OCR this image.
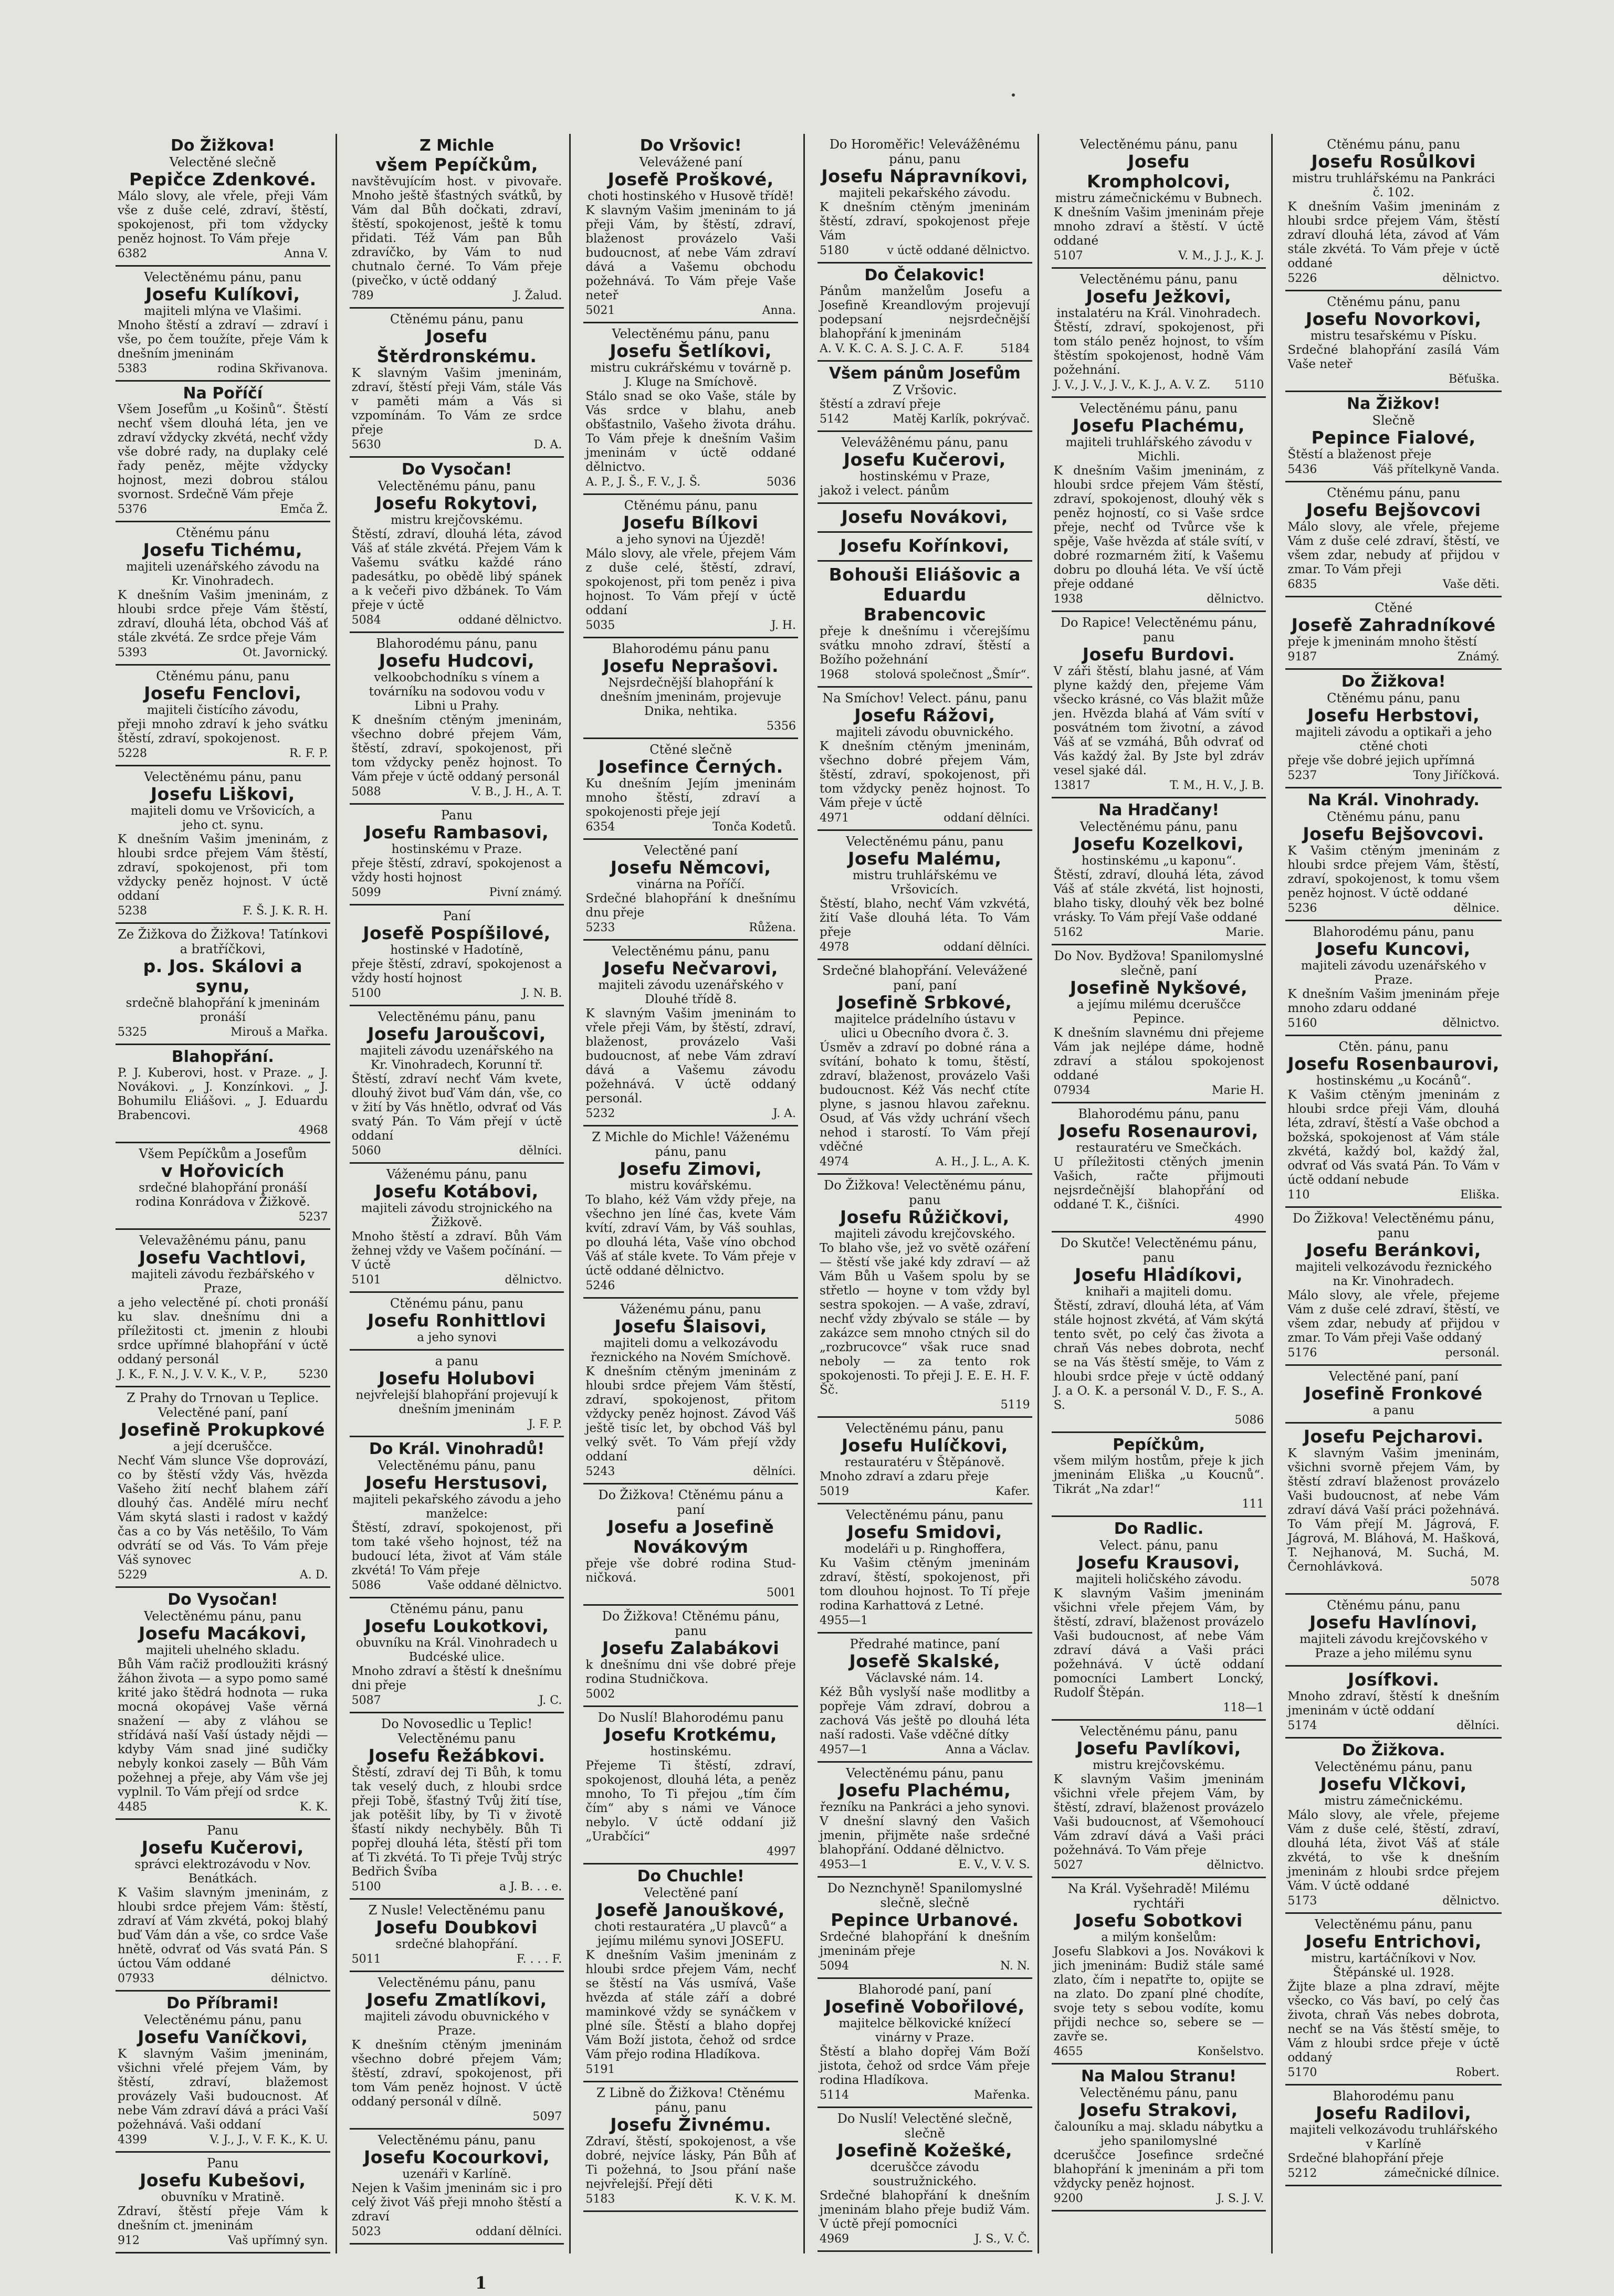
Do Žižkova!
Velectěné slečně
Pepičce Zdenkové.
Málo slovy, ale vřele, přeji Vám vše z duše celé, zdraví, štěstí, spokojenost, při tom vždycky peněz hojnost. To Vám přeje
6382	Anna V.
Velectěnému pánu, panu
Josefu Kulíkovi,
majiteli mlýna ve Vlašimi.
Mnoho štěstí a zdraví — zdraví i vše, po čem toužíte, přeje Vám k dnešním jmeninám
5383	rodina Skřivanova.
Na Poříčí
Všem Josefům „u Košinů“. Štěstí nechť všem dlouhá léta, jen ve zdraví vždycky zkvétá, nechť vždy vše dobré rady, na duplaky celé řady peněz, mějte vždycky hojnost, mezi dobrou stálou svornost. Srdečně Vám přeje
5376	Emča Ž.
Ctěnému pánu
Josefu Tichému,
majiteli uzenářského závodu na Kr. Vinohradech.
K dnešním Vašim jmeninám, z hloubi srdce přeje Vám štěstí, zdraví, dlouhá léta, obchod Váš ať stále zkvétá. Ze srdce přeje Vám
5393	Ot. Javornický.
Ctěnému pánu, panu
Josefu Fenclovi,
majiteli čistícího závodu,
přeji mnoho zdraví k jeho svátku štěstí, zdraví, spokojenost.
5228	R. F. P.
Velectěnému pánu, panu
Josefu Liškovi,
majiteli domu ve Vršovicích, a jeho ct. synu.
K dnešním Vašim jmeninám, z hloubi srdce přejem Vám štěstí, zdraví, spokojenost, při tom vždycky peněz hojnost. V úctě oddaní
5238	F. Š. J. K. R. H.
Ze Žižkova do Žižkova! Tatínkovi a bratříčkovi,
p. Jos. Skálovi a synu,
srdečně blahopřání k jmeninám pronáší
5325	Mirouš a Mařka.
Blahopřání.
P. J. Kuberovi, host. v Praze. „ J. Novákovi. „ J. Konzínkovi. „ J. Bohumilu Eliášovi. „ J. Eduardu Brabencovi.
4968
Všem Pepíčkům a Josefům
v Hořovicích
srdečné blahopřání pronáší rodina Konrádova v Žižkově.
5237
Velevažênému pánu, panu
Josefu Vachtlovi,
majiteli závodu řezbářského v Praze,
a jeho velectěné pí. choti pronáší ku slav. dnešnímu dni a příležitosti ct. jmenin z hloubi srdce upřímné blahopřání v úctě oddaný personál
J. K., F. N., J. V. V. K., V. P.,	5230
Z Prahy do Trnovan u Teplice. Velectěné paní, paní
Josefině Prokupkové
a její dceruščce.
Nechť Vám slunce Vše doprovází, co by štěstí vždy Vás, hvězda Vašeho žití nechť blahem září dlouhý čas. Andělé míru nechť Vám skytá slasti i radost v každý čas a co by Vás netěšilo, To Vám odvrátí se od Vás. To Vám přeje Váš synovec
5229	A. D.
Do Vysočan!
Velectěnému pánu, panu
Josefu Macákovi,
majiteli uhelného skladu.
Bůh Vám račiž prodloužiti krásný žáhon života — a sypo pomo samé krité jako štědrá hodnota — ruka mocná okopávej Vaše věrná snažení — aby z vláhou se střídává naší Vaší ústady nějdi — kdyby Vám snad jiné sudičky nebyly konkoi zasely — Bůh Vám požehnej a přeje, aby Vám vše jej vyplnil. To Vám přejí od srdce
4485	K. K.
Panu
Josefu Kučerovi,
správci elektrozávodu v Nov. Benátkách.
K Vašim slavným jmeninám, z hloubi srdce přejem Vám: štěstí, zdraví ať Vám zkvétá, pokoj blahý buď Vám dán a vše, co srdce Vaše hnětě, odvrať od Vás svatá Pán. S úctou Vám oddané
07933	délnictvo.
Do Příbrami!
Velectěnému pánu, panu
Josefu Vaníčkovi,
K slavným Vašim jmeninám, všichni vřelé přejem Vám, by štěstí, zdraví, blažemost provázely Vaši budoucnost. Ať nebe Vám zdraví dává a práci Vaší požehnává. Vaši oddaní
4399	V. J., J., V. F. K., K. U.
Panu
Josefu Kubešovi,
obuvníku v Mratině.
Zdraví, štěstí přeje Vám k dnešním ct. jmeninám
912	Vaš upřímný syn.
Z Michle
všem Pepíčkům,
navštěvujícím host. v pivovaře. Mnoho ještě šťastných svátků, by Vám dal Bůh dočkati, zdraví, štěstí, spokojenost, ještě k tomu přidati. Též Vám pan Bůh zdravíčko, by Vám to nud chutnalo černé. To Vám přeje (pivečko, v úctě oddaný
789	J. Žalud.
Ctěnému pánu, panu
Josefu Štěrdronskému.
K slavným Vašim jmeninám, zdraví, štěstí přeji Vám, stále Vás v paměti mám a Vás si vzpomínám. To Vám ze srdce přeje
5630	D. A.
Do Vysočan!
Velectěnému pánu, panu
Josefu Rokytovi,
mistru krejčovskému.
Štěstí, zdraví, dlouhá léta, závod Váš ať stále zkvétá. Přejem Vám k Vašemu svátku každé ráno padesátku, po obědě libý spánek a k večeři pivo džbánek. To Vám přeje v úctě
5084	oddané dělnictvo.
Blahorodému pánu, panu
Josefu Hudcovi,
velkoobchodníku s vínem a továrníku na sodovou vodu v Libni u Prahy.
K dnešním ctěným jmeninám, všechno dobré přejem Vám, štěstí, zdraví, spokojenost, při tom vždycky peněz hojnost. To Vám přeje v úctě oddaný personál
5088	V. B., J. H., A. T.
Panu
Josefu Rambasovi,
hostinskému v Praze.
přeje štěstí, zdraví, spokojenost a vždy hosti hojnost
5099	Pivní známý.
Paní
Josefě Pospíšilové,
hostinské v Hadotíně,
přeje štěstí, zdraví, spokojenost a vždy hostí hojnost
5100	J. N. B.
Velectěnému pánu, panu
Josefu Jaroušcovi,
majiteli závodu uzenářského na Kr. Vinohradech, Korunní tř.
Štěstí, zdraví nechť Vám kvete, dlouhý život buď Vám dán, vše, co v žití by Vás hnětlo, odvrať od Vás svatý Pán. To Vám přejí v úctě oddaní
5060	dělníci.
Váženému pánu, panu
Josefu Kotábovi,
majiteli závodu strojnického na Žižkově.
Mnoho štěstí a zdraví. Bůh Vám žehnej vždy ve Vašem počínání. — V úctě
5101	dělnictvo.
Ctěnému pánu, panu
Josefu Ronhittlovi
a jeho synovi
a panu
Josefu Holubovi
nejvřelejší blahopřání projevují k dnešním jmeninám
J. F. P.
Do Král. Vinohradů!
Velectěnému pánu, panu
Josefu Herstusovi,
majiteli pekařského závodu a jeho manželce:
Štěstí, zdraví, spokojenost, při tom také všeho hojnost, též na budoucí léta, život ať Vám stále zkvétá! To Vám přeje
5086	Vaše oddané dělnictvo.
Ctěnému pánu, panu
Josefu Loukotkovi,
obuvníku na Král. Vinohradech u Budcéské ulice.
Mnoho zdraví a štěstí k dnešnímu dni přeje
5087	J. C.
Do Novosedlic u Teplic! Velectěnému panu
Josefu Řežábkovi.
Štěstí, zdraví dej Ti Bůh, k tomu tak veselý duch, z hloubi srdce přeji Tobě, šťastný Tvůj žití tíse, jak potěšit líby, by Ti v životě šťastí nikdy nechyběly. Bůh Ti popřej dlouhá léta, štěstí při tom ať Ti zkvétá. To Ti přeje Tvůj strýc Bedřich Švíba
5100	a J. B. . . e.
Z Nusle! Velectěnému panu
Josefu Doubkovi
srdečné blahopřání.
5011	F. . . . F.
Velectěnému pánu, panu
Josefu Zmatlíkovi,
majiteli závodu obuvnického v Praze.
K dnešním ctěným jmeninám všechno dobré přejem Vám; štěstí, zdraví, spokojenost, při tom Vám peněz hojnost. V úctě oddaný personál v dílně.
5097
Velectěnému pánu, panu
Josefu Kocourkovi,
uzenáři v Karlíně.
Nejen k Vašim jmeninám sic i pro celý život Váš přeji mnoho štěstí a zdraví
5023	oddaní dělníci.
Do Vršovic!
Velevážené paní
Josefě Proškové,
choti hostinského v Husově třídě!
K slavným Vašim jmeninám to já přeji Vám, by štěstí, zdraví, blaženost provázelo Vaši budoucnost, ať nebe Vám zdraví dává a Vašemu obchodu požehnává. To Vám přeje Vaše neteř
5021	Anna.
Velectěnému pánu, panu
Josefu Šetlíkovi,
mistru cukrářskému v továrně p. J. Kluge na Smíchově.
Stálo snad se oko Vaše, stále by Vás srdce v blahu, aneb obšťastnilo, Vašeho života dráhu. To Vám přeje k dnešním Vašim jmeninám v úctě oddané dělnictvo.
A. P., J. Š., F. V., J. Š.	5036
Ctěnému pánu, panu
Josefu Bílkovi
a jeho synovi na Újezdě!
Málo slovy, ale vřele, přejem Vám z duše celé, štěstí, zdraví, spokojenost, při tom peněz i piva hojnost. To Vám přejí v úctě oddaní
5035	J. H.
Blahorodému pánu panu
Josefu Neprašovi.
Nejsrdečnější blahopřání k dnešním jmeninám, projevuje Dnika, nehtika.
5356
Ctěné slečně
Josefince Černých.
Ku dnešním Jejím jmeninám mnoho štěstí, zdraví a spokojenosti přeje její
6354	Tonča Kodetů.
Velectěné paní
Josefu Němcovi,
vinárna na Poříčí.
Srdečné blahopřání k dnešnímu dnu přeje
5233	Růžena.
Velectěnému pánu, panu
Josefu Nečvarovi,
majiteli závodu uzenářského v Dlouhé třídě 8.
K slavným Vašim jmeninám to vřele přeji Vám, by štěstí, zdraví, blaženost, provázelo Vaši budoucnost, ať nebe Vám zdraví dává a Vašemu závodu požehnává. V úctě oddaný personál.
5232	J. A.
Z Michle do Michle! Váženému pánu, panu
Josefu Zimovi,
mistru kovářskému.
To blaho, kéž Vám vždy přeje, na všechno jen líné čas, kvete Vám kvítí, zdraví Vám, by Váš souhlas, po dlouhá léta, Vaše víno obchod Váš ať stále kvete. To Vám přeje v úctě oddané dělnictvo.
5246
Váženému pánu, panu
Josefu Šlaisovi,
majiteli domu a velkozávodu řeznického na Novém Smíchově.
K dnešním ctěným jmeninám z hloubi srdce přejem Vám štěstí, zdraví, spokojenost, přitom vždycky peněz hojnost. Závod Váš ještě tisíc let, by obchod Váš byl velký svět. To Vám přejí vždy oddaní
5243	dělníci.
Do Žižkova! Ctěnému pánu a paní
Josefu a Josefině Novákovým
přeje vše dobré rodina Stud-ničková.
5001
Do Žižkova! Ctěnému pánu, panu
Josefu Zalabákovi
k dnešnímu dni vše dobré přeje rodina Studničkova.
5002
Do Nuslí! Blahorodému panu
Josefu Krotkému,
hostinskému.
Přejeme Ti štěstí, zdraví, spokojenost, dlouhá léta, a peněz mnoho, To Ti přejou „tím čím čím“ aby s námi ve Vánoce nebylo. V úctě oddaní již „Urabčíci“
4997
Do Chuchle!
Velectěné paní
Josefě Janouškové,
choti restauratéra „U plavců“ a jejímu milému synovi JOSEFU.
K dnešním Vašim jmeninám z hloubi srdce přejem Vám, nechť se štěstí na Vás usmívá, Vaše hvězda ať stále září a dobré maminkové vždy se synáčkem v plné síle. Štěstí a blaho dopřej Vám Boží jistota, čehož od srdce Vám přejo rodina Hladíkova.
5191
Z Libně do Žižkova! Ctěnému pánu, panu
Josefu Živnému.
Zdraví, štěstí, spokojenost, a vše dobré, nejvíce lásky, Pán Bůh ať Ti požehná, to Jsou přání naše nejvřelejší. Přejí děti
5183	K. V. K. M.
Do Horoměřic! Velevážênému pánu, panu
Josefu Nápravníkovi,
majiteli pekařského závodu.
K dnešním ctěným jmeninám štěstí, zdraví, spokojenost přeje Vám
5180	v úctě oddané dělnictvo.
Do Čelakovic!
Pánům manželům Josefu a Josefině Kreandlovým projevují podepsaní nejsrdečnější blahopřání k jmeninám
A. V. K. C. A. S. J. C. A. F.	5184
Všem pánům Josefům
Z Vršovic.
štěstí a zdraví přeje
5142	Matěj Karlík, pokrývač.
Velevážênému pánu, panu
Josefu Kučerovi,
hostinskému v Praze,
jakož i velect. pánům
Josefu Novákovi,
Josefu Kořínkovi,
Bohouši Eliášovic a Eduardu Brabencovic
přeje k dnešnímu i včerejšímu svátku mnoho zdraví, štěstí a Božího požehnání
1968 stolová společnost „Šmír“.
Na Smíchov! Velect. pánu, panu
Josefu Rážovi,
majiteli závodu obuvnického.
K dnešním ctěným jmeninám, všechno dobré přejem Vám, štěstí, zdraví, spokojenost, při tom vždycky peněz hojnost. To Vám přeje v úctě
4971	oddaní dělníci.
Velectěnému pánu, panu
Josefu Malému,
mistru truhlářskému ve Vršovicích.
Štěstí, blaho, nechť Vám vzkvétá, žití Vaše dlouhá léta. To Vám přeje
4978	oddaní dělníci.
Srdečné blahopřání. Velevážené paní, paní
Josefině Srbkové,
majitelce prádelního ústavu v ulici u Obecního dvora č. 3.
Úsměv a zdraví po dobné rána a svítání, bohato k tomu, štěstí, zdraví, blaženost, provázelo Vaši budoucnost. Kéž Vás nechť ctíte plyne, s jasnou hlavou zařeknu. Osud, ať Vás vždy uchrání všech nehod i starostí. To Vám přejí vděčné
4974	A. H., J. L., A. K.
Do Žižkova! Velectěnému pánu, panu
Josefu Růžičkovi,
majiteli závodu krejčovského.
To blaho vše, jež vo světě ozáření — štěstí vše jaké kdy zdraví — až Vám Bůh u Vašem spolu by se střetlo — hoyne v tom vždy byl sestra spokojen. — A vaše, zdraví, nechť vždy zbývalo se stále — by zakázce sem mnoho ctných sil do „rozbrucovce“ však ruce snad neboly — za tento rok spokojenosti. To přeji J. E. E. H. F. Šč.
5119
Velectěnému pánu, panu
Josefu Hulíčkovi,
restauratéru v Štěpánově.
Mnoho zdraví a zdaru přeje
5019	Kafer.
Velectěnému pánu, panu
Josefu Smidovi,
modeláři u p. Ringhoffera,
Ku Vašim ctěným jmeninám zdraví, štěstí, spokojenost, při tom dlouhou hojnost. To Tí přeje rodina Karhattová z Letné.
4955—1
Předrahé matince, paní
Josefě Skalské,
Václavské nám. 14.
Kéž Bůh vyslyší naše modlitby a popřeje Vám zdraví, dobrou a zachová Vás ještě po dlouhá léta naší radosti. Vaše vděčné dítky
4957—1	Anna a Václav.
Velectěnému pánu, panu
Josefu Plachému,
řezníku na Pankráci a jeho synovi.
V dnešní slavný den Vašich jmenin, přijměte naše srdečné blahopřání. Oddané dělnictvo.
4953—1	E. V., V. V. S.
Do Neznchyně! Spanilomyslné slečně, slečně
Pepince Urbanové.
Srdečné blahopřání k dnešním jmeninám přeje
5094	N. N.
Blahorodé paní, paní
Josefině Vobořilové,
majitelce bělkovické knížecí vinárny v Praze.
Štěstí a blaho dopřej Vám Boží jistota, čehož od srdce Vám přeje rodina Hladíkova.
5114	Mařenka.
Do Nuslí! Velectěné slečně, slečně
Josefině Kožešké,
dceruščce závodu soustružnického.
Srdečné blahopřání k dnešním jmeninám blaho přeje budiž Vám. V úctě přejí pomocníci
4969	J. S., V. Č.
Velectěnému pánu, panu
Josefu Krompholcovi,
mistru zámečnickému v Bubnech.
K dnešním Vašim jmeninám přeje mnoho zdraví a štěstí. V úctě oddané
5107	V. M., J. J., K. J.
Velectěnému pánu, panu
Josefu Ježkovi,
instalatéru na Král. Vinohradech.
Štěstí, zdraví, spokojenost, při tom stálo peněz hojnost, to vším štěstím spokojenost, hodně Vám požehnání.
J. V., J. V., J. V., K. J., A. V. Z. 5110
Velectěnému pánu, panu
Josefu Plachému,
majiteli truhlářského závodu v Michli.
K dnešním Vašim jmeninám, z hloubi srdce přejem Vám štěstí, zdraví, spokojenost, dlouhý věk s peněz hojností, co si Vaše srdce přeje, nechť od Tvůrce vše k spěje, Vaše hvězda ať stále svítí, v dobré rozmarném žití, k Vašemu dobru po dlouhá léta. Ve vší úctě přeje oddané
1938	dělnictvo.
Do Rapice! Velectěnému pánu, panu
Josefu Burdovi.
V záři štěstí, blahu jasné, ať Vám plyne každý den, přejeme Vám všecko krásné, co Vás blažit může jen. Hvězda blahá ať Vám svítí v posvátném tom životní, a závod Váš ať se vzmáhá, Bůh odvrať od Vás každý žal. By Jste byl zdráv vesel sjaké dál.
13817	T. M., H. V., J. B.
Na Hradčany!
Velectěnému pánu, panu
Josefu Kozelkovi,
hostinskému „u kaponu“.
Štěstí, zdraví, dlouhá léta, závod Váš ať stále zkvétá, list hojnosti, blaho tisky, dlouhý věk bez bolné vrásky. To Vám přejí Vaše oddané
5162	Marie.
Do Nov. Bydžova! Spanilomyslné slečně, paní
Josefině Nykšové,
a jejímu milému dceruščce Pepince.
K dnešním slavnému dni přejeme Vám jak nejlépe dáme, hodně zdraví a stálou spokojenost oddané
07934	Marie H.
Blahorodému pánu, panu
Josefu Rosenaurovi,
restauratéru ve Smečkách.
U příležitosti ctěných jmenin Vašich, račte přijmouti nejsrdečnější blahopřání od oddané T. K., čišníci.
4990
Do Skutče! Velectěnému pánu, panu
Josefu Hladíkovi,
knihaři a majiteli domu.
Štěstí, zdraví, dlouhá léta, ať Vám stále hojnost zkvétá, ať Vám skýtá tento svět, po celý čas života a chraň Vás nebes dobrota, nechť se na Vás štěstí směje, to Vám z hloubi srdce přeje v úctě oddaný J. a O. K. a personál V. D., F. S., A. S.
5086
Pepíčkům,
všem milým hostům, přeje k jich jmeninám Eliška „u Koucnů“. Tikrát „Na zdar!“
111
Do Radlic.
Velect. pánu, panu
Josefu Krausovi,
majiteli holičského závodu.
K slavným Vašim jmeninám všichni vřele přejem Vám, by štěstí, zdraví, blaženost provázelo Vaši budoucnost, ať nebe Vám zdraví dává a Vaši práci požehnává. V úctě oddaní pomocníci Lambert Loncký, Rudolf Štěpán.
118—1
Velectěnému pánu, panu
Josefu Pavlíkovi,
mistru krejčovskému.
K slavným Vašim jmeninám všichni vřele přejem Vám, by štěstí, zdraví, blaženost provázelo Vaši budoucnost, ať Všemohoucí Vám zdraví dává a Vaši práci požehnává. To Vám přeje
5027	dělnictvo.
Na Král. Vyšehradě! Milému rychtáři
Josefu Sobotkovi
a milým konšelům:
Josefu Slabkovi a Jos. Novákovi k jich jmeninám: Budiž stále samé zlato, čím i nepatřte to, opijte se na zlato. Do zpaní plné chodíte, svoje tety s sebou vodíte, komu přijdi nechce so, sebere se — zavře se.
4655	Konšelstvo.
Na Malou Stranu!
Velectěnému pánu, panu
Josefu Strakovi,
čalouníku a maj. skladu nábytku a jeho spanilomyslné
dceruščce Josefince srdečné blahopřání k jmeninám a při tom vždycky peněz hojnost.
9200	J. S. J. V.
Ctěnému pánu, panu
Josefu Rosůlkovi
mistru truhlářskému na Pankráci č. 102.
K dnešním Vašim jmeninám z hloubi srdce přejem Vám, štěstí zdraví dlouhá léta, závod ať Vám stále zkvétá. To Vám přeje v úctě oddané
5226	dělnictvo.
Ctěnému pánu, panu
Josefu Novorkovi,
mistru tesařskému v Písku.
Srdečné blahopřání zasílá Vám Vaše neteř
Běťuška.
Na Žižkov!
Slečně
Pepince Fialové,
Štěstí a blaženost přeje
5436	Váš přítelkyně Vanda.
Ctěnému pánu, panu
Josefu Bejšovcovi
Málo slovy, ale vřele, přejeme Vám z duše celé zdraví, štěstí, ve všem zdar, nebudy ať přijdou v zmar. To Vám přeji
6835	Vaše děti.
Ctěné
Josefě Zahradníkové
přeje k jmeninám mnoho štěstí
9187	Známý.
Do Žižkova!
Ctěnému pánu, panu
Josefu Herbstovi,
majiteli závodu a optikaři a jeho ctěné choti
přeje vše dobré jejich upřímná
5237	Tony Jiříčková.
Na Král. Vinohrady.
Ctěnému pánu, panu
Josefu Bejšovcovi.
K Vašim ctěným jmeninám z hloubi srdce přejem Vám, štěstí, zdraví, spokojenost, k tomu všem peněz hojnost. V úctě oddané
5236	dělnice.
Blahorodému pánu, panu
Josefu Kuncovi,
majiteli závodu uzenářského v Praze.
K dnešním Vašim jmeninám přeje mnoho zdaru oddané
5160	dělnictvo.
Ctěn. pánu, panu
Josefu Rosenbaurovi,
hostinskému „u Kocánů“.
K Vašim ctěným jmeninám z hloubi srdce přeji Vám, dlouhá léta, zdraví, štěstí a Vaše obchod a božská, spokojenost ať Vám stále zkvétá, každý bol, každý žal, odvrať od Vás svatá Pán. To Vám v úctě oddaní nebude
110	Eliška.
Do Žižkova! Velectěnému pánu, panu
Josefu Beránkovi,
majiteli velkozávodu řeznického na Kr. Vinohradech.
Málo slovy, ale vřele, přejeme Vám z duše celé zdraví, štěstí, ve všem zdar, nebudy ať přijdou v zmar. To Vám přeji Vaše oddaný
5176	personál.
Velectěné paní, paní
Josefině Fronkové
a panu
Josefu Pejcharovi.
K slavným Vašim jmeninám, všichni svorně přejem Vám, by štěstí zdraví blaženost provázelo Vaši budoucnost, ať nebe Vám zdraví dává Vaší práci požehnává. To Vám přejí M. Jágrová, F. Jágrová, M. Bláhová, M. Hašková, T. Nejhanová, M. Suchá, M. Černohlávková.
5078
Ctěnému pánu, panu
Josefu Havlínovi,
majiteli závodu krejčovského v Praze a jeho milému synu
Josífkovi.
Mnoho zdraví, štěstí k dnešním jmeninám v úctě oddaní
5174	dělníci.
Do Žižkova.
Velectěnému pánu, panu
Josefu Vlčkovi,
mistru zámečnickému.
Málo slovy, ale vřele, přejeme Vám z duše celé, štěstí, zdraví, dlouhá léta, život Váš ať stále zkvétá, to vše k dnešním jmeninám z hloubi srdce přejem Vám. V úctě oddané
5173	dělnictvo.
Velectěnému pánu, panu
Josefu Entrichovi,
mistru, kartáčníkovi v Nov. Štěpánské ul. 1928.
Žijte blaze a plna zdraví, mějte všecko, co Vás baví, po celý čas života, chraň Vás nebes dobrota, nechť se na Vás štěstí směje, to Vám z hloubi srdce přeje v úctě oddaný
5170	Robert.
Blahorodému panu
Josefu Radilovi,
majiteli velkozávodu truhlářského v Karlíně
Srdečné blahopřání přeje
5212	zámečnické dílnice.
1
